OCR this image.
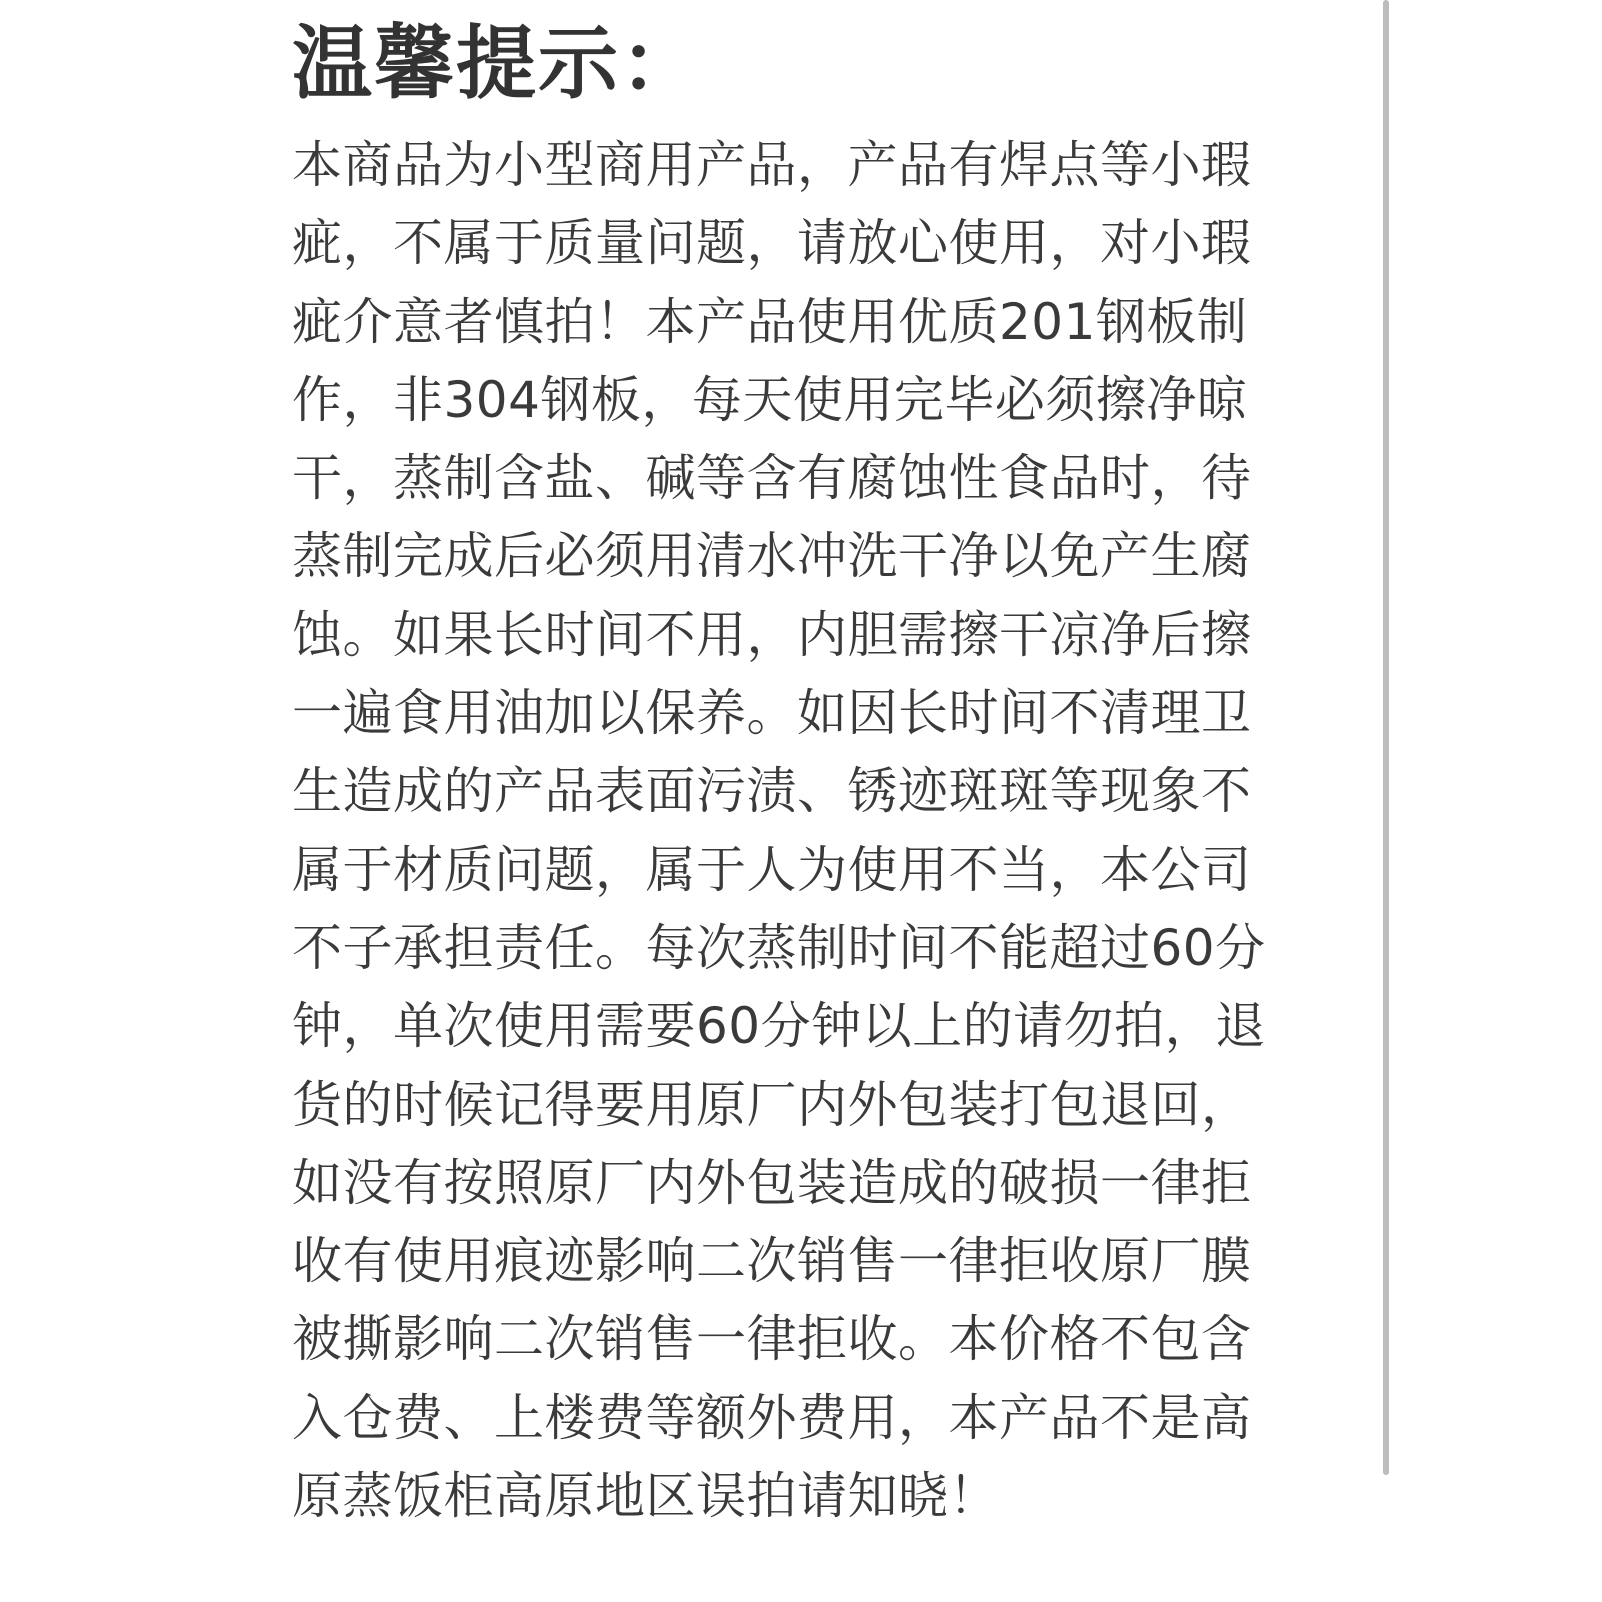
温馨提示：
本商品为小型商用产品，产品有焊点等小瑕
疵，不属于质量问题，请放心使用，对小瑕
疵介意者慎拍！本产品使用优质201钢板制
作，非304钢板，每天使用完毕必须擦净晾
干，蒸制含盐、碱等含有腐蚀性食品时，待
蒸制完成后必须用清水冲洗干净以免产生腐
蚀。如果长时间不用，内胆需擦干凉净后擦
一遍食用油加以保养。如因长时间不清理卫
生造成的产品表面污渍、锈迹斑斑等现象不
属于材质问题，属于人为使用不当，本公司
不子承担责任。每次蒸制时间不能超过60分
钟，单次使用需要60分钟以上的请勿拍，退
货的时候记得要用原厂内外包装打包退回，
如没有按照原厂内外包装造成的破损一律拒
收有使用痕迹影响二次销售一律拒收原厂膜
被撕影响二次销售一律拒收。本价格不包含
入仓费、上楼费等额外费用，本产品不是高
原蒸饭柜高原地区误拍请知晓！
